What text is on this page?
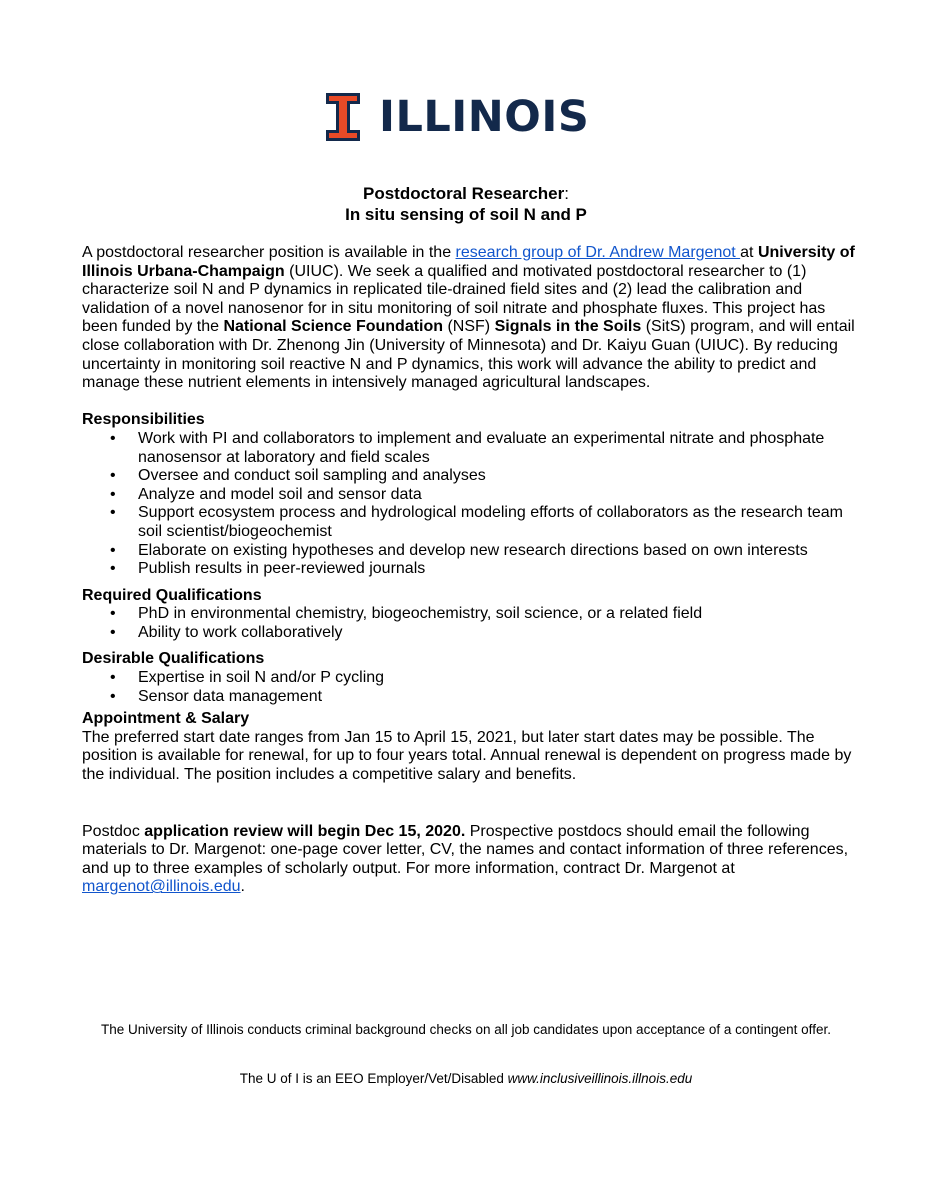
ILLINOIS
Postdoctoral Researcher:
In situ sensing of soil N and P

A postdoctoral researcher position is available in the research group of Dr. Andrew Margenot at University of Illinois Urbana-Champaign (UIUC). We seek a qualified and motivated postdoctoral researcher to (1) characterize soil N and P dynamics in replicated tile-drained field sites and (2) lead the calibration and validation of a novel nanosenor for in situ monitoring of soil nitrate and phosphate fluxes. This project has been funded by the National Science Foundation (NSF) Signals in the Soils (SitS) program, and will entail close collaboration with Dr. Zhenong Jin (University of Minnesota) and Dr. Kaiyu Guan (UIUC). By reducing uncertainty in monitoring soil reactive N and P dynamics, this work will advance the ability to predict and manage these nutrient elements in intensively managed agricultural landscapes.

Responsibilities
• Work with PI and collaborators to implement and evaluate an experimental nitrate and phosphate nanosensor at laboratory and field scales
• Oversee and conduct soil sampling and analyses
• Analyze and model soil and sensor data
• Support ecosystem process and hydrological modeling efforts of collaborators as the research team soil scientist/biogeochemist
• Elaborate on existing hypotheses and develop new research directions based on own interests
• Publish results in peer-reviewed journals
Required Qualifications
• PhD in environmental chemistry, biogeochemistry, soil science, or a related field
• Ability to work collaboratively
Desirable Qualifications
• Expertise in soil N and/or P cycling
• Sensor data management
Appointment & Salary

The preferred start date ranges from Jan 15 to April 15, 2021, but later start dates may be possible. The position is available for renewal, for up to four years total. Annual renewal is dependent on progress made by the individual. The position includes a competitive salary and benefits.

Postdoc application review will begin Dec 15, 2020. Prospective postdocs should email the following materials to Dr. Margenot: one-page cover letter, CV, the names and contact information of three references, and up to three examples of scholarly output. For more information, contract Dr. Margenot at margenot@illinois.edu.

The University of Illinois conducts criminal background checks on all job candidates upon acceptance of a contingent offer.
The U of I is an EEO Employer/Vet/Disabled www.inclusiveillinois.illnois.edu
